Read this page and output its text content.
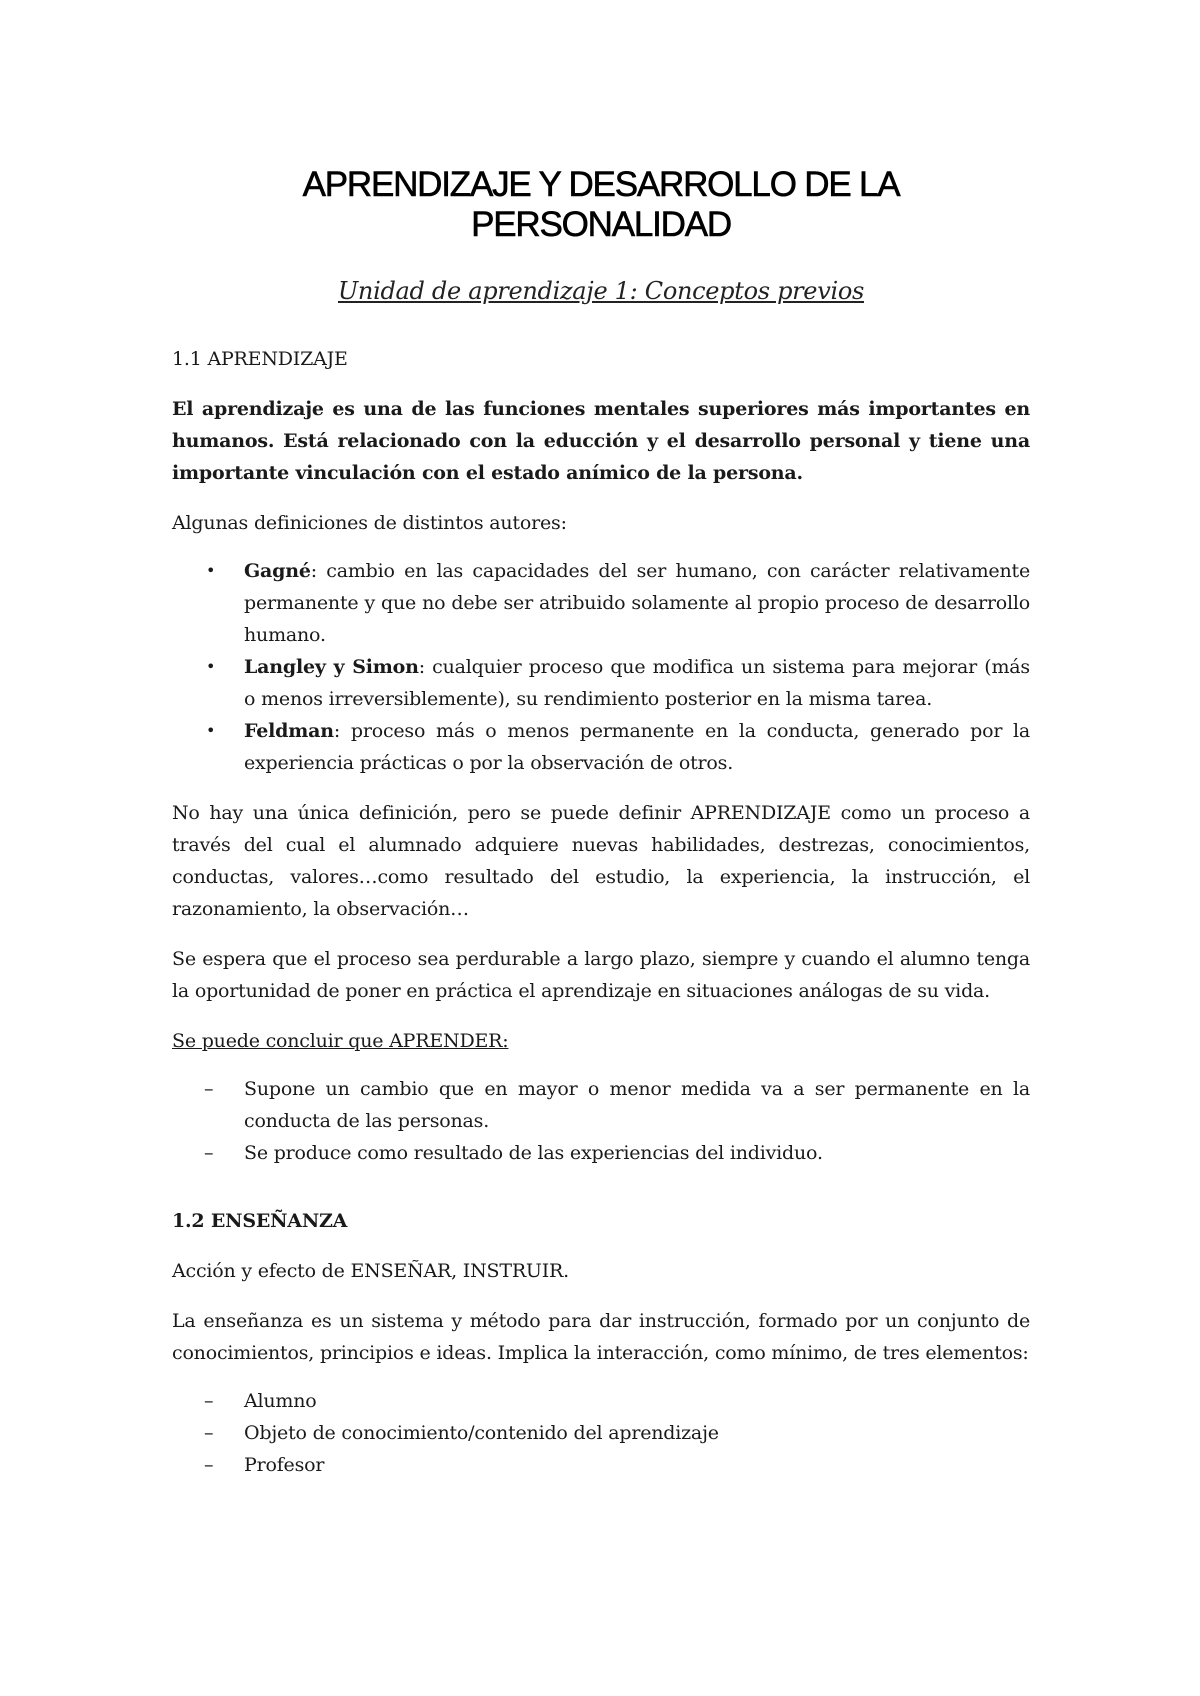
APRENDIZAJE Y DESARROLLO DE LA PERSONALIDAD

Unidad de aprendizaje 1: Conceptos previos

1.1 APRENDIZAJE

El aprendizaje es una de las funciones mentales superiores más importantes en humanos. Está relacionado con la educción y el desarrollo personal y tiene una importante vinculación con el estado anímico de la persona.

Algunas definiciones de distintos autores:

• Gagné: cambio en las capacidades del ser humano, con carácter relativamente permanente y que no debe ser atribuido solamente al propio proceso de desarrollo humano.
• Langley y Simon: cualquier proceso que modifica un sistema para mejorar (más o menos irreversiblemente), su rendimiento posterior en la misma tarea.
• Feldman: proceso más o menos permanente en la conducta, generado por la experiencia prácticas o por la observación de otros.

No hay una única definición, pero se puede definir APRENDIZAJE como un proceso a través del cual el alumnado adquiere nuevas habilidades, destrezas, conocimientos, conductas, valores…como resultado del estudio, la experiencia, la instrucción, el razonamiento, la observación…

Se espera que el proceso sea perdurable a largo plazo, siempre y cuando el alumno tenga la oportunidad de poner en práctica el aprendizaje en situaciones análogas de su vida.

Se puede concluir que APRENDER:

– Supone un cambio que en mayor o menor medida va a ser permanente en la conducta de las personas.
– Se produce como resultado de las experiencias del individuo.

1.2 ENSEÑANZA

Acción y efecto de ENSEÑAR, INSTRUIR.

La enseñanza es un sistema y método para dar instrucción, formado por un conjunto de conocimientos, principios e ideas. Implica la interacción, como mínimo, de tres elementos:

– Alumno
– Objeto de conocimiento/contenido del aprendizaje
– Profesor
